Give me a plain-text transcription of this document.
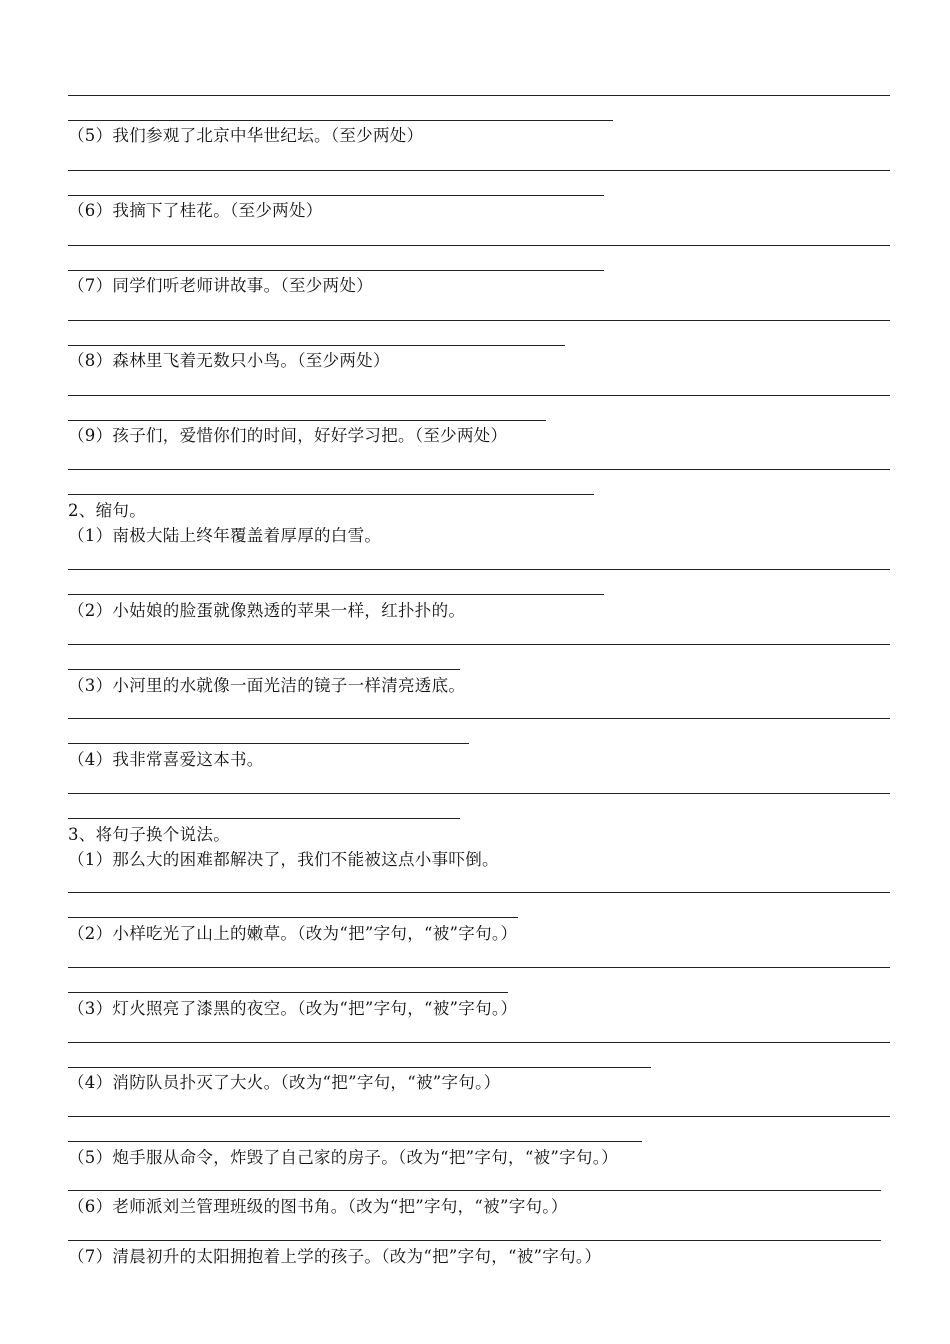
（5）我们参观了北京中华世纪坛。（至少两处）
（6）我摘下了桂花。（至少两处）
（7）同学们听老师讲故事。（至少两处）
（8）森林里飞着无数只小鸟。（至少两处）
（9）孩子们，爱惜你们的时间，好好学习把。（至少两处）
2、缩句。
（1）南极大陆上终年覆盖着厚厚的白雪。
（2）小姑娘的脸蛋就像熟透的苹果一样，红扑扑的。
（3）小河里的水就像一面光洁的镜子一样清亮透底。
（4）我非常喜爱这本书。
3、将句子换个说法。
（1）那么大的困难都解决了，我们不能被这点小事吓倒。
（2）小样吃光了山上的嫩草。（改为“把”字句，“被”字句。）
（3）灯火照亮了漆黑的夜空。（改为“把”字句，“被”字句。）
（4）消防队员扑灭了大火。（改为“把”字句，“被”字句。）
（5）炮手服从命令，炸毁了自己家的房子。（改为“把”字句，“被”字句。）
（6）老师派刘兰管理班级的图书角。（改为“把”字句，“被”字句。）
（7）清晨初升的太阳拥抱着上学的孩子。（改为“把”字句，“被”字句。）
